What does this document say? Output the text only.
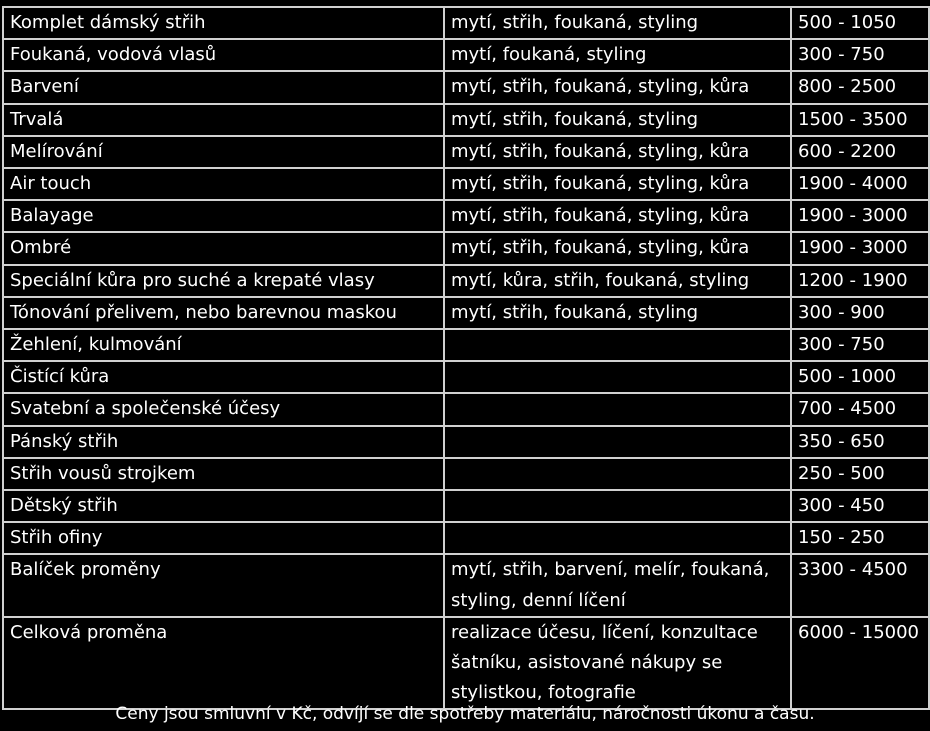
Komplet dámský střih	mytí, střih, foukaná, styling	500 - 1050
Foukaná, vodová vlasů	mytí, foukaná, styling	300 - 750
Barvení	mytí, střih, foukaná, styling, kůra	800 - 2500
Trvalá	mytí, střih, foukaná, styling	1500 - 3500
Melírování	mytí, střih, foukaná, styling, kůra	600 - 2200
Air touch	mytí, střih, foukaná, styling, kůra	1900 - 4000
Balayage	mytí, střih, foukaná, styling, kůra	1900 - 3000
Ombré	mytí, střih, foukaná, styling, kůra	1900 - 3000
Speciální kůra pro suché a krepaté vlasy	mytí, kůra, střih, foukaná, styling	1200 - 1900
Tónování přelivem, nebo barevnou maskou	mytí, střih, foukaná, styling	300 - 900
Žehlení, kulmování		300 - 750
Čistící kůra		500 - 1000
Svatební a společenské účesy		700 - 4500
Pánský střih		350 - 650
Střih vousů strojkem		250 - 500
Dětský střih		300 - 450
Střih ofiny		150 - 250
Balíček proměny	mytí, střih, barvení, melír, foukaná, styling, denní líčení	3300 - 4500
Celková proměna	realizace účesu, líčení, konzultace šatníku, asistované nákupy se stylistkou, fotografie	6000 - 15000
Ceny jsou smluvní v Kč, odvíjí se dle spotřeby materiálu, náročnosti úkonu a času.
